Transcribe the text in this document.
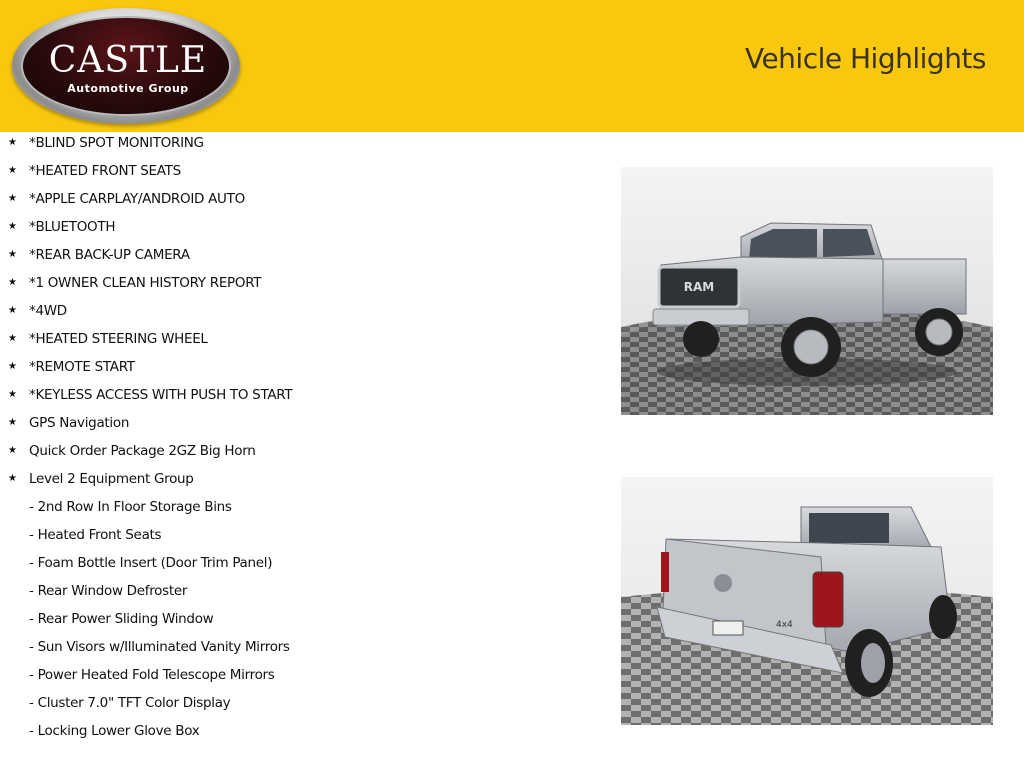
CASTLE
Automotive Group
Vehicle Highlights
★ *BLIND SPOT MONITORING
★ *HEATED FRONT SEATS
★ *APPLE CARPLAY/ANDROID AUTO
★ *BLUETOOTH
★ *REAR BACK-UP CAMERA
★ *1 OWNER CLEAN HISTORY REPORT
★ *4WD
★ *HEATED STEERING WHEEL
★ *REMOTE START
★ *KEYLESS ACCESS WITH PUSH TO START
★ GPS Navigation
★ Quick Order Package 2GZ Big Horn
★ Level 2 Equipment Group
- 2nd Row In Floor Storage Bins
- Heated Front Seats
- Foam Bottle Insert (Door Trim Panel)
- Rear Window Defroster
- Rear Power Sliding Window
- Sun Visors w/Illuminated Vanity Mirrors
- Power Heated Fold Telescope Mirrors
- Cluster 7.0" TFT Color Display
- Locking Lower Glove Box
RAM
4x4
